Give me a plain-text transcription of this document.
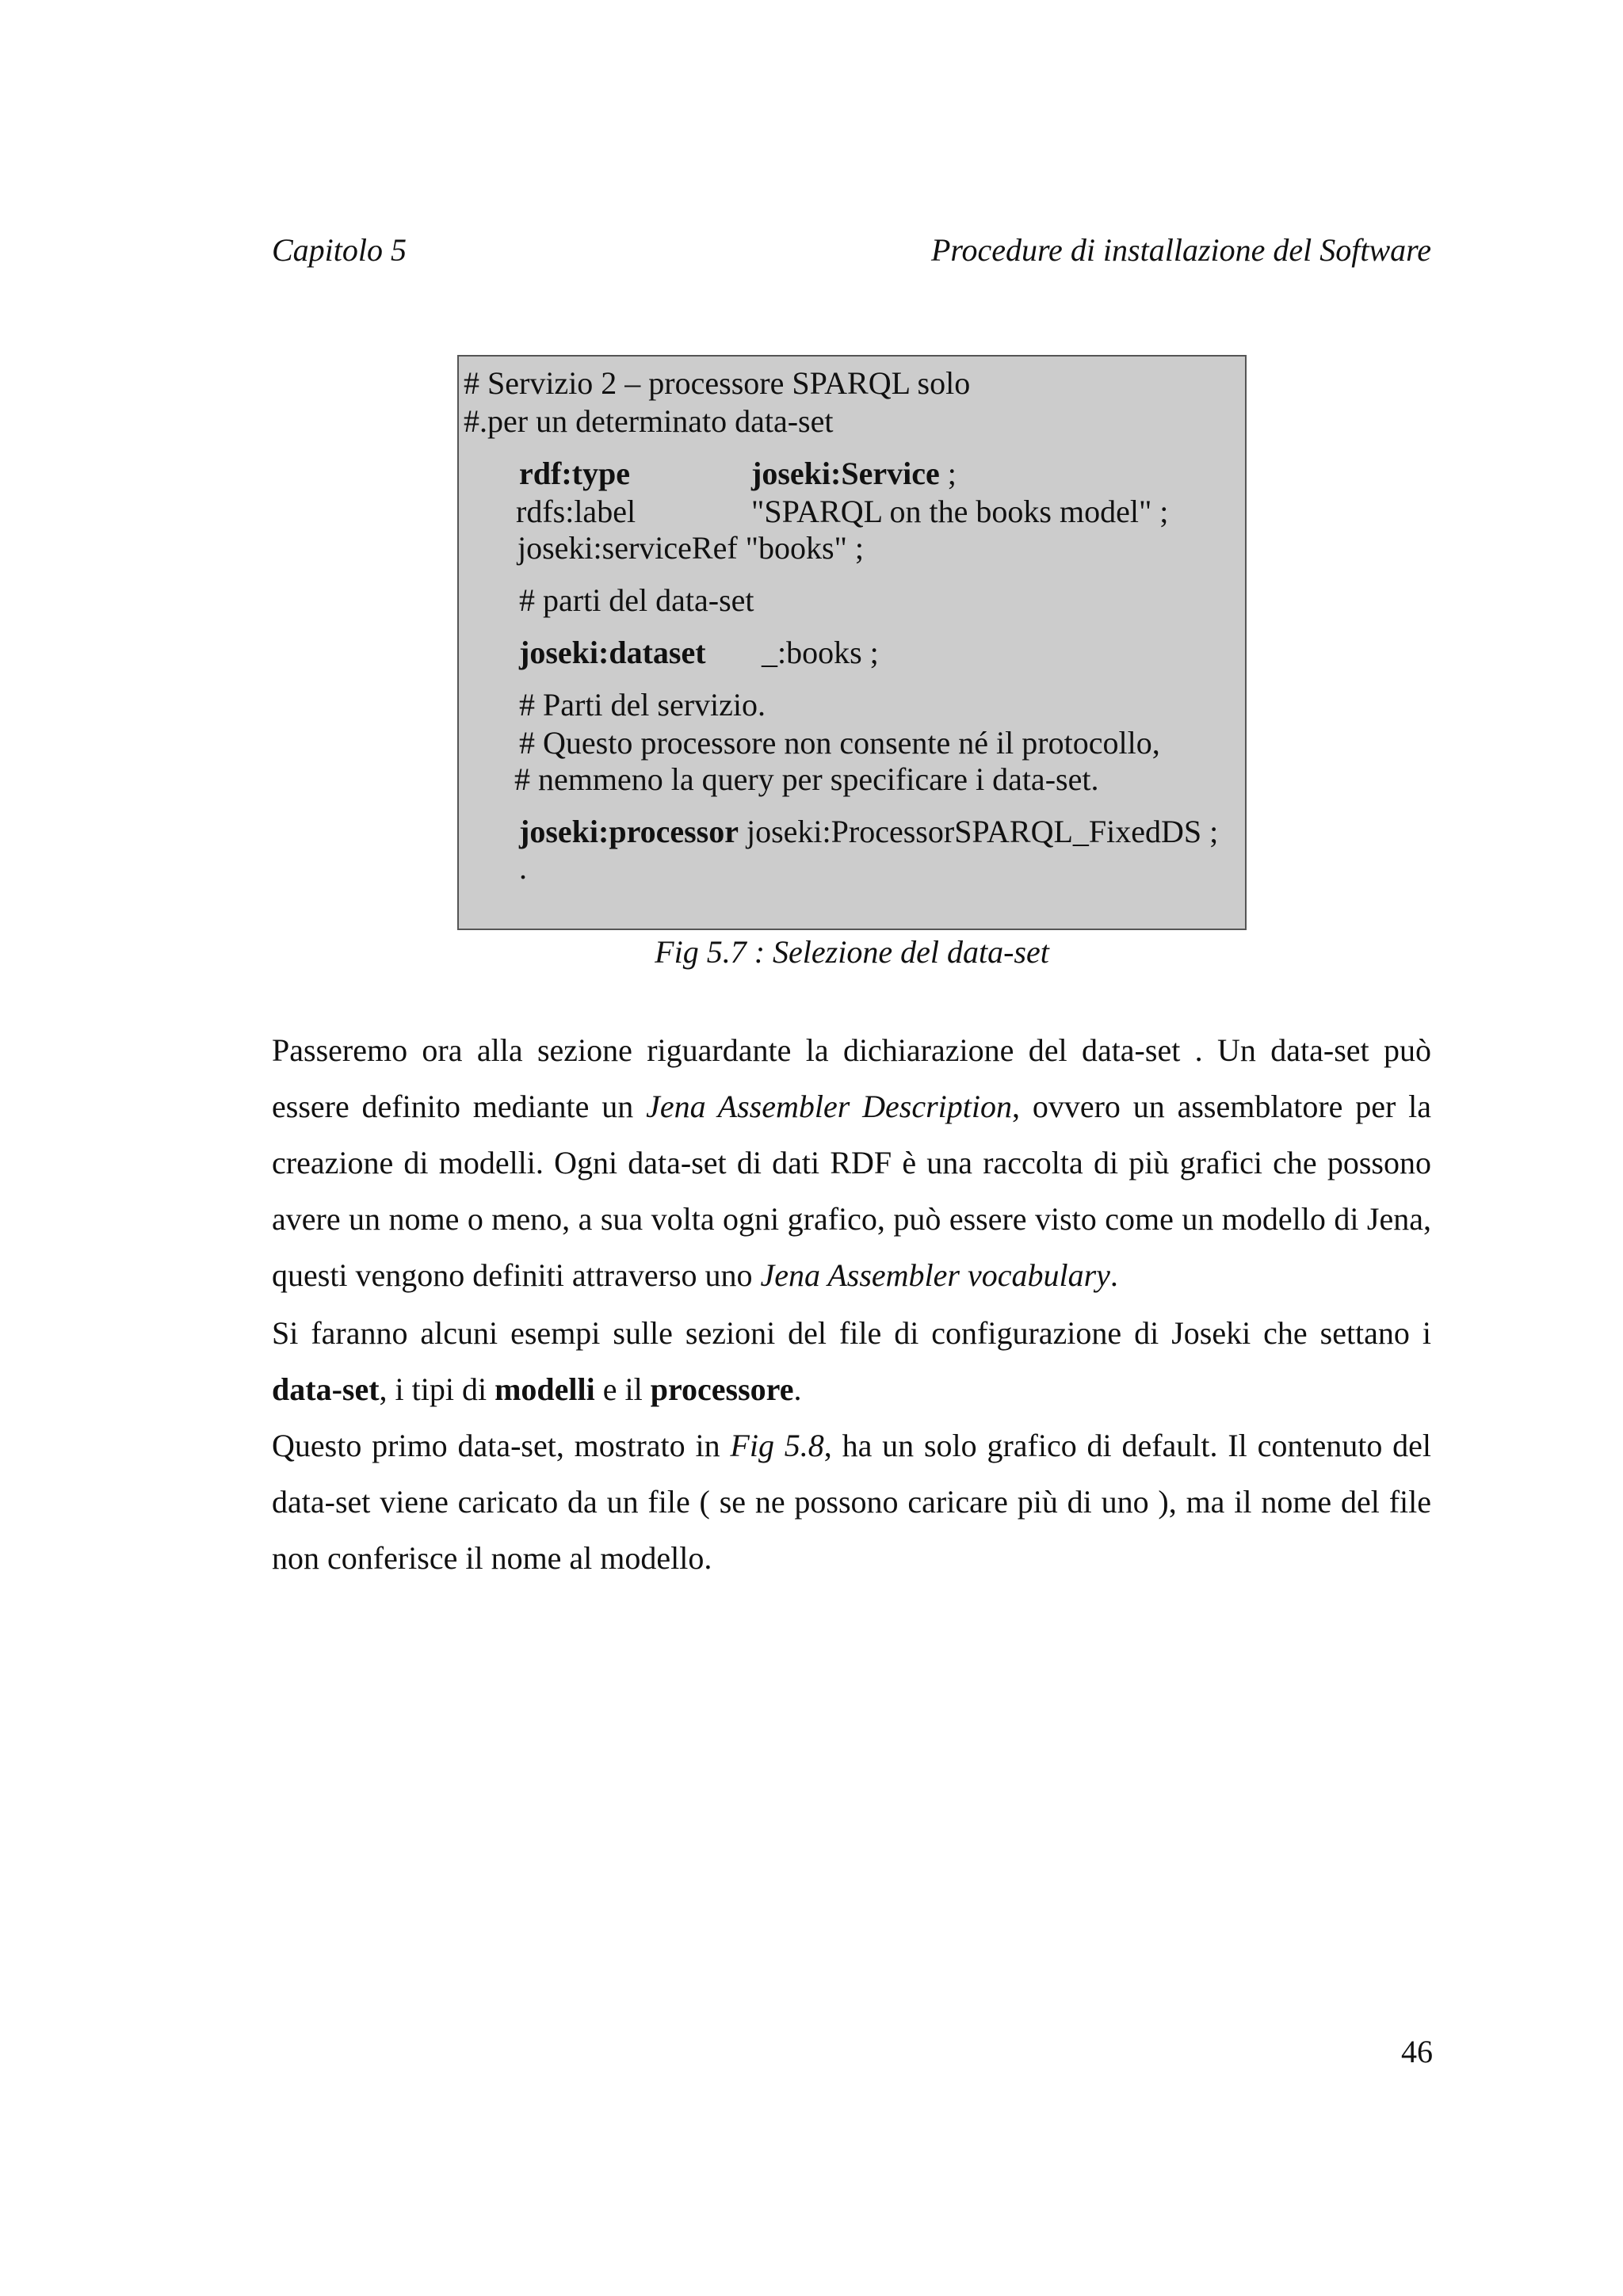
Capitolo 5	Procedure di installazione del Software
# Servizio 2 – processore SPARQL solo
#.per un determinato data-set
rdf:type	joseki:Service ;
rdfs:label	"SPARQL on the books model" ;
joseki:serviceRef "books" ;
# parti del data-set
joseki:dataset _:books ;
# Parti del servizio.
# Questo processore non consente né il protocollo,
# nemmeno la query per specificare i data-set.
joseki:processor joseki:ProcessorSPARQL_FixedDS ;
.
Fig 5.7 : Selezione del data-set

Passeremo ora alla sezione riguardante la dichiarazione del data-set . Un data-set può essere definito mediante un Jena Assembler Description, ovvero un assemblatore per la creazione di modelli. Ogni data-set di dati RDF è una raccolta di più grafici che possono avere un nome o meno, a sua volta ogni grafico, può essere visto come un modello di Jena, questi vengono definiti attraverso uno Jena Assembler vocabulary.

Si faranno alcuni esempi sulle sezioni del file di configurazione di Joseki che settano i data-set, i tipi di modelli e il processore.

Questo primo data-set, mostrato in Fig 5.8, ha un solo grafico di default. Il contenuto del data-set viene caricato da un file ( se ne possono caricare più di uno ), ma il nome del file non conferisce il nome al modello.

46
